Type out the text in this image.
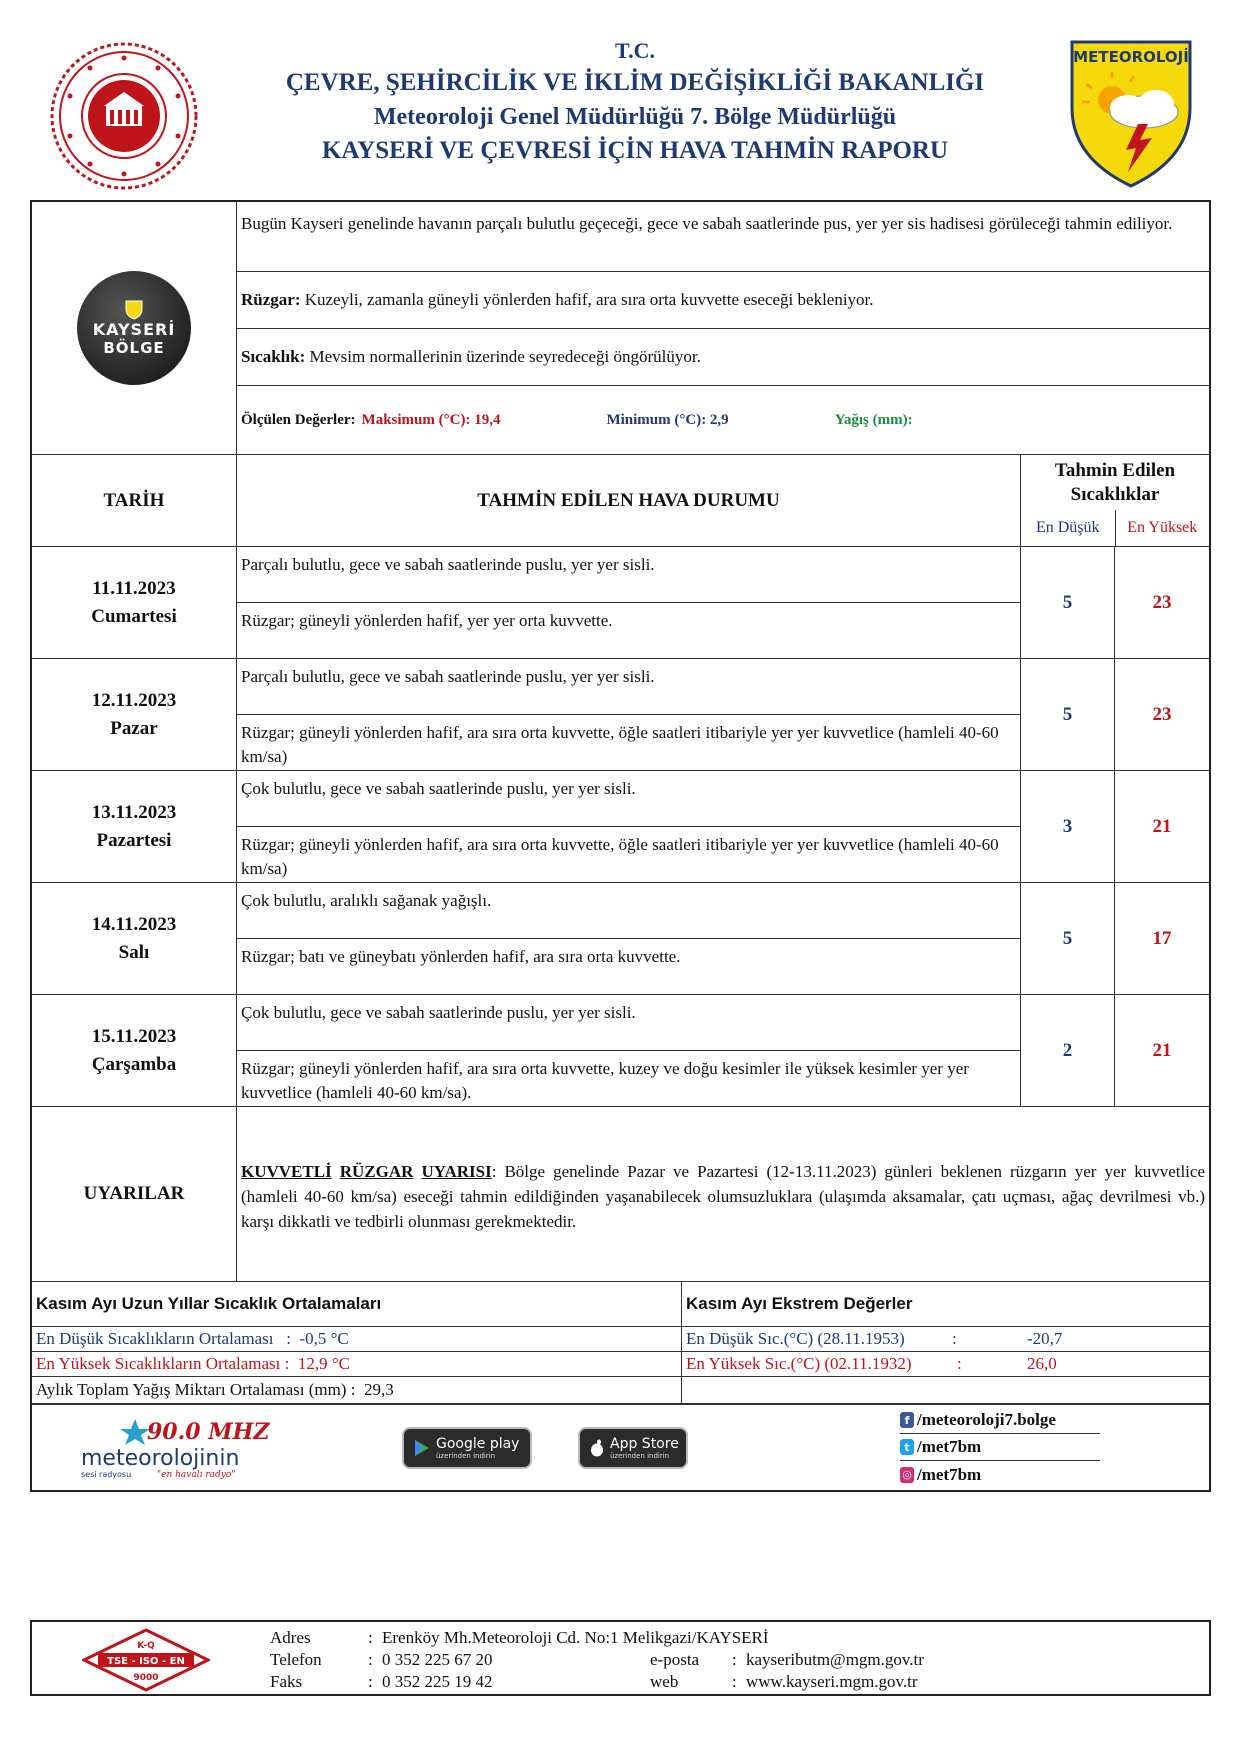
T.C.
ÇEVRE, ŞEHİRCİLİK VE İKLİM DEĞİŞİKLİĞİ BAKANLIĞI
Meteoroloji Genel Müdürlüğü 7. Bölge Müdürlüğü
KAYSERİ VE ÇEVRESİ İÇİN HAVA TAHMİN RAPORU
METEOROLOJİ
KAYSERİ
BÖLGE
Bugün Kayseri genelinde havanın parçalı bulutlu geçeceği, gece ve sabah saatlerinde pus, yer yer sis hadisesi görüleceği tahmin ediliyor.
Rüzgar: Kuzeyli, zamanla güneyli yönlerden hafif, ara sıra orta kuvvette eseceği bekleniyor.
Sıcaklık: Mevsim normallerinin üzerinde seyredeceği öngörülüyor.
Ölçülen Değerler: Maksimum (°C): 19,4	Minimum (°C): 2,9	Yağış (mm):
TARİH	TAHMİN EDİLEN HAVA DURUMU
Tahmin Edilen
Sıcaklıklar
En Düşük	En Yüksek
11.11.2023
Cumartesi
Parçalı bulutlu, gece ve sabah saatlerinde puslu, yer yer sisli.
Rüzgar; güneyli yönlerden hafif, yer yer orta kuvvette.
5	23
12.11.2023
Pazar
Parçalı bulutlu, gece ve sabah saatlerinde puslu, yer yer sisli.
Rüzgar; güneyli yönlerden hafif, ara sıra orta kuvvette, öğle saatleri itibariyle yer yer kuvvetlice (hamleli 40-60 km/sa)
5	23
13.11.2023
Pazartesi
Çok bulutlu, gece ve sabah saatlerinde puslu, yer yer sisli.
Rüzgar; güneyli yönlerden hafif, ara sıra orta kuvvette, öğle saatleri itibariyle yer yer kuvvetlice (hamleli 40-60 km/sa)
3	21
14.11.2023
Salı
Çok bulutlu, aralıklı sağanak yağışlı.
Rüzgar; batı ve güneybatı yönlerden hafif, ara sıra orta kuvvette.
5	17
15.11.2023
Çarşamba
Çok bulutlu, gece ve sabah saatlerinde puslu, yer yer sisli.
Rüzgar; güneyli yönlerden hafif, ara sıra orta kuvvette, kuzey ve doğu kesimler ile yüksek kesimler yer yer kuvvetlice (hamleli 40-60 km/sa).
2	21
UYARILAR
KUVVETLİ RÜZGAR UYARISI: Bölge genelinde Pazar ve Pazartesi (12-13.11.2023) günleri beklenen rüzgarın yer yer kuvvetlice (hamleli 40-60 km/sa) eseceği tahmin edildiğinden yaşanabilecek olumsuzluklara (ulaşımda aksamalar, çatı uçması, ağaç devrilmesi vb.) karşı dikkatli ve tedbirli olunması gerekmektedir.
Kasım Ayı Uzun Yıllar Sıcaklık Ortalamaları	Kasım Ayı Ekstrem Değerler
En Düşük Sıcaklıkların Ortalaması   :  -0,5 °C	En Düşük Sıc.(°C) (28.11.1953)	:	-20,7
En Yüksek Sıcaklıkların Ortalaması :  12,9 °C	En Yüksek Sıc.(°C) (02.11.1932)	:	26,0
Aylık Toplam Yağış Miktarı Ortalaması (mm) :  29,3
90.0 MHZ
meteorolojinin
sesi radyosu	"en havalı radyo"
Google play
üzerinden indirin
App Store
üzerinden indirin
f /meteoroloji7.bolge
t /met7bm
◎ /met7bm
K-Q
TSE - ISO - EN
9000
Adres	: Erenköy Mh.Meteoroloji Cd. No:1 Melikgazi/KAYSERİ
Telefon	: 0 352 225 67 20	e-posta	: kayseributm@mgm.gov.tr
Faks	: 0 352 225 19 42	web	: www.kayseri.mgm.gov.tr
